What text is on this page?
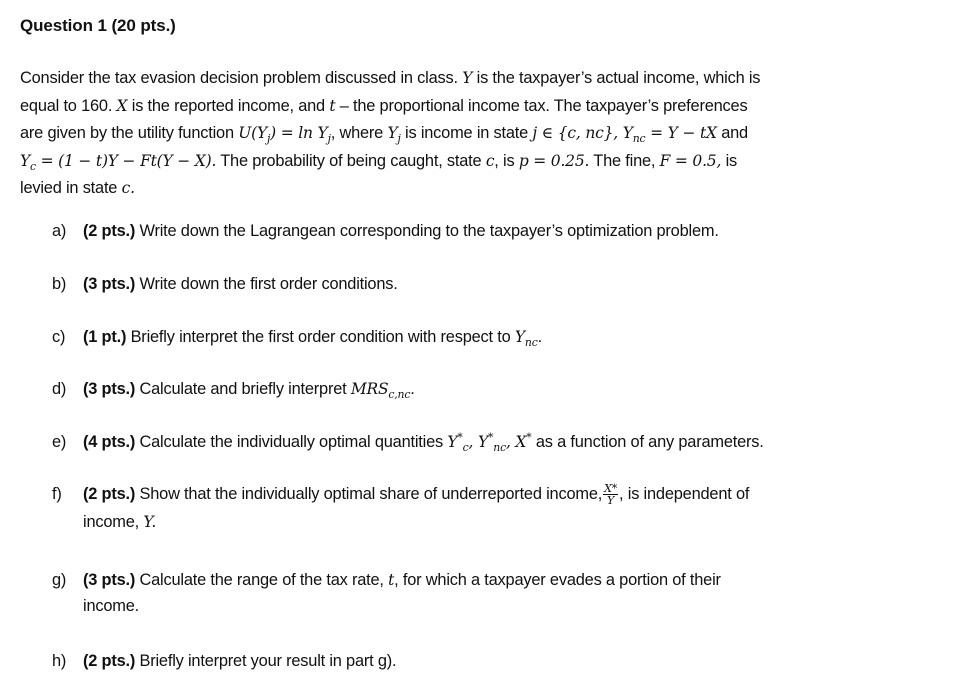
Question 1 (20 pts.)
Consider the tax evasion decision problem discussed in class. Y is the taxpayer’s actual income, which is
equal to 160. X is the reported income, and t – the proportional income tax. The taxpayer’s preferences
are given by the utility function $U(Y_j) = \ln Y_j$, where $Y_j$ is income in state j ∈ {c, nc}, $Y_{nc} = Y$ − tX and
$Y_c = (1 - t)Y - Ft(Y - X)$. The probability of being caught, state c, is p = 0.25. The fine, F = 0.5, is
levied in state c.
a) (2 pts.) Write down the Lagrangean corresponding to the taxpayer’s optimization problem.
b) (3 pts.) Write down the first order conditions.
c) (1 pt.) Briefly interpret the first order condition with respect to $Y_{nc}$.
d) (3 pts.) Calculate and briefly interpret $MRS_{c,nc}$.
e) (4 pts.) Calculate the individually optimal quantities $Y^*_c$, $Y^*_{nc}$, X* as a function of any parameters.
f) (2 pts.) Show that the individually optimal share of underreported income, $\frac{X*}{Y}$ , is independent of
income, Y.
g) (3 pts.) Calculate the range of the tax rate, t, for which a taxpayer evades a portion of their
income.
h) (2 pts.) Briefly interpret your result in part g).
